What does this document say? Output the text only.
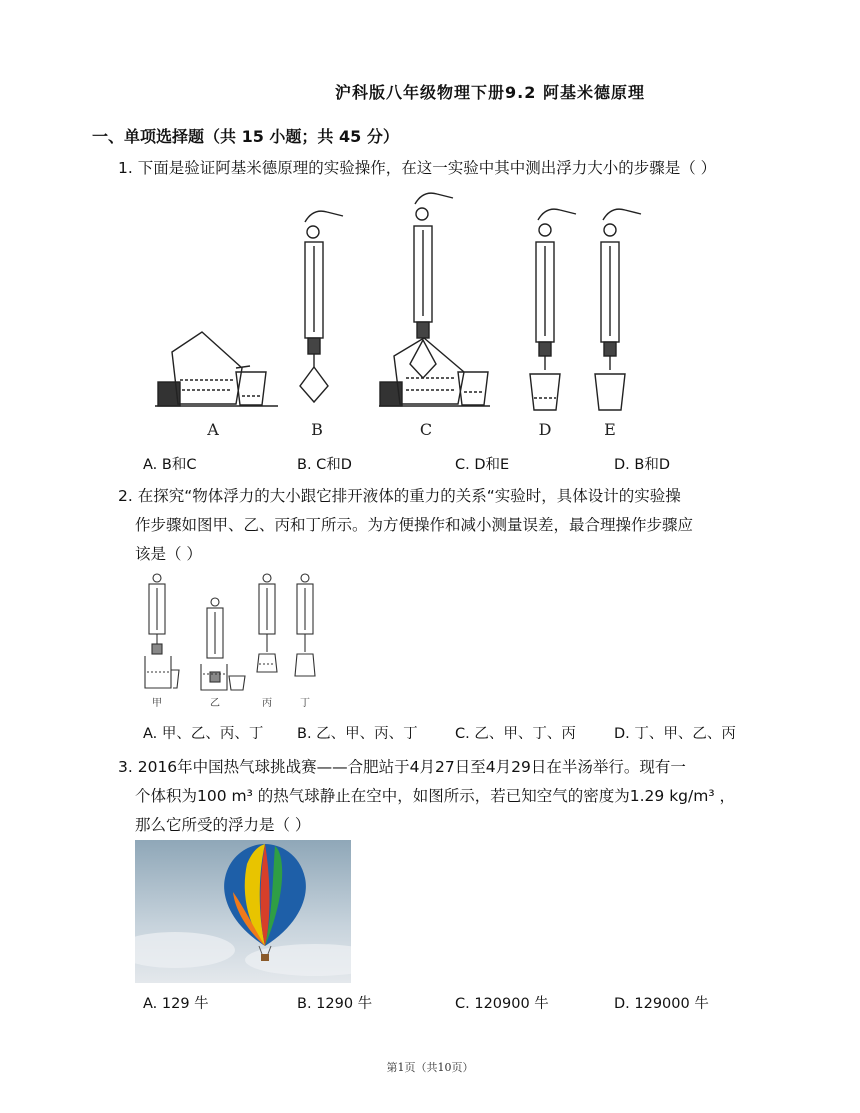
沪科版八年级物理下册9.2 阿基米德原理
一、单项选择题（共 15 小题；共 45 分）
1. 下面是验证阿基米德原理的实验操作，在这一实验中其中测出浮力大小的步骤是（ ）
A	B	C	D	E
A. B和C	B. C和D	C. D和E	D. B和D
2. 在探究“物体浮力的大小跟它排开液体的重力的关系“实验时，具体设计的实验操
作步骤如图甲、乙、丙和丁所示。为方便操作和减小测量误差，最合理操作步骤应
该是（ ）
甲	乙	丙	丁
A. 甲、乙、丙、丁 B. 乙、甲、丙、丁	C. 乙、甲、丁、丙	D. 丁、甲、乙、丙
3. 2016年中国热气球挑战赛——合肥站于4月27日至4月29日在半汤举行。现有一
个体积为100 m³ 的热气球静止在空中，如图所示，若已知空气的密度为1.29 kg/m³ ，
那么它所受的浮力是（ ）
A. 129 牛	B. 1290 牛	C. 120900 牛	D. 129000 牛
第1页（共10页）
